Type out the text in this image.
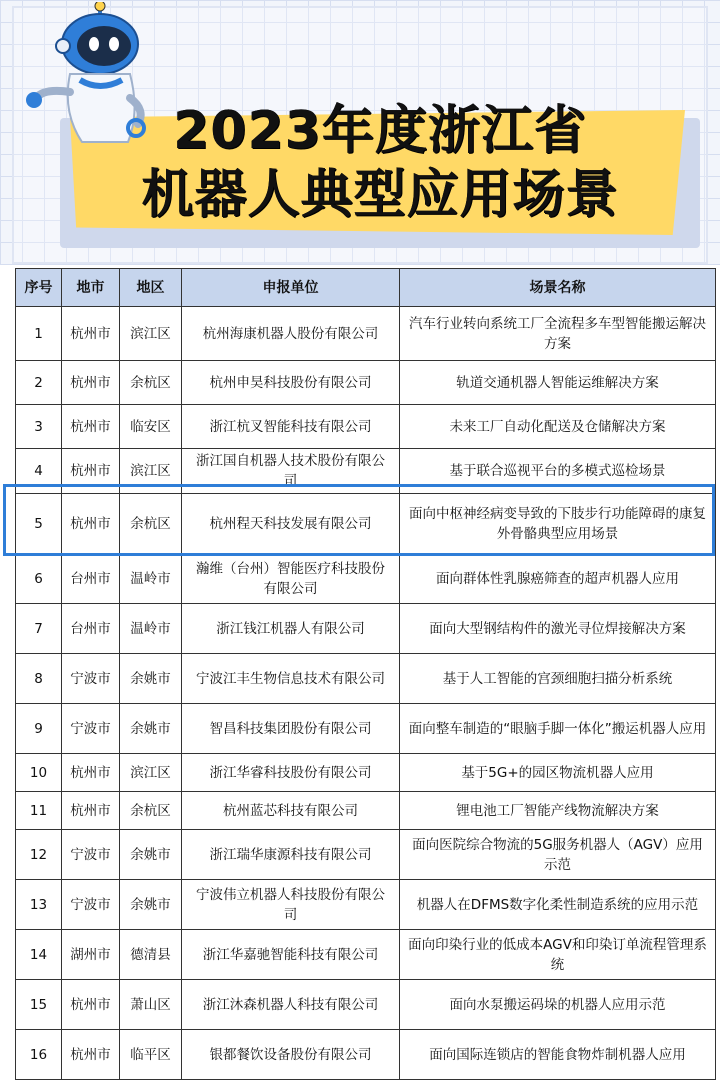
2023年度浙江省
机器人典型应用场景
序号	地市	地区	申报单位	场景名称
1	杭州市	滨江区	杭州海康机器人股份有限公司	汽车行业转向系统工厂全流程多车型智能搬运解决方案
2	杭州市	余杭区	杭州申昊科技股份有限公司	轨道交通机器人智能运维解决方案
3	杭州市	临安区	浙江杭叉智能科技有限公司	未来工厂自动化配送及仓储解决方案
4	杭州市	滨江区	浙江国自机器人技术股份有限公司	基于联合巡视平台的多模式巡检场景
5	杭州市	余杭区	杭州程天科技发展有限公司	面向中枢神经病变导致的下肢步行功能障碍的康复外骨骼典型应用场景
6	台州市	温岭市	瀚维（台州）智能医疗科技股份有限公司	面向群体性乳腺癌筛查的超声机器人应用
7	台州市	温岭市	浙江钱江机器人有限公司	面向大型钢结构件的激光寻位焊接解决方案
8	宁波市	余姚市	宁波江丰生物信息技术有限公司	基于人工智能的宫颈细胞扫描分析系统
9	宁波市	余姚市	智昌科技集团股份有限公司	面向整车制造的“眼脑手脚一体化”搬运机器人应用
10	杭州市	滨江区	浙江华睿科技股份有限公司	基于5G+的园区物流机器人应用
11	杭州市	余杭区	杭州蓝芯科技有限公司	锂电池工厂智能产线物流解决方案
12	宁波市	余姚市	浙江瑞华康源科技有限公司	面向医院综合物流的5G服务机器人（AGV）应用示范
13	宁波市	余姚市	宁波伟立机器人科技股份有限公司	机器人在DFMS数字化柔性制造系统的应用示范
14	湖州市	德清县	浙江华嘉驰智能科技有限公司	面向印染行业的低成本AGV和印染订单流程管理系统
15	杭州市	萧山区	浙江沐森机器人科技有限公司	面向水泵搬运码垛的机器人应用示范
16	杭州市	临平区	银都餐饮设备股份有限公司	面向国际连锁店的智能食物炸制机器人应用
